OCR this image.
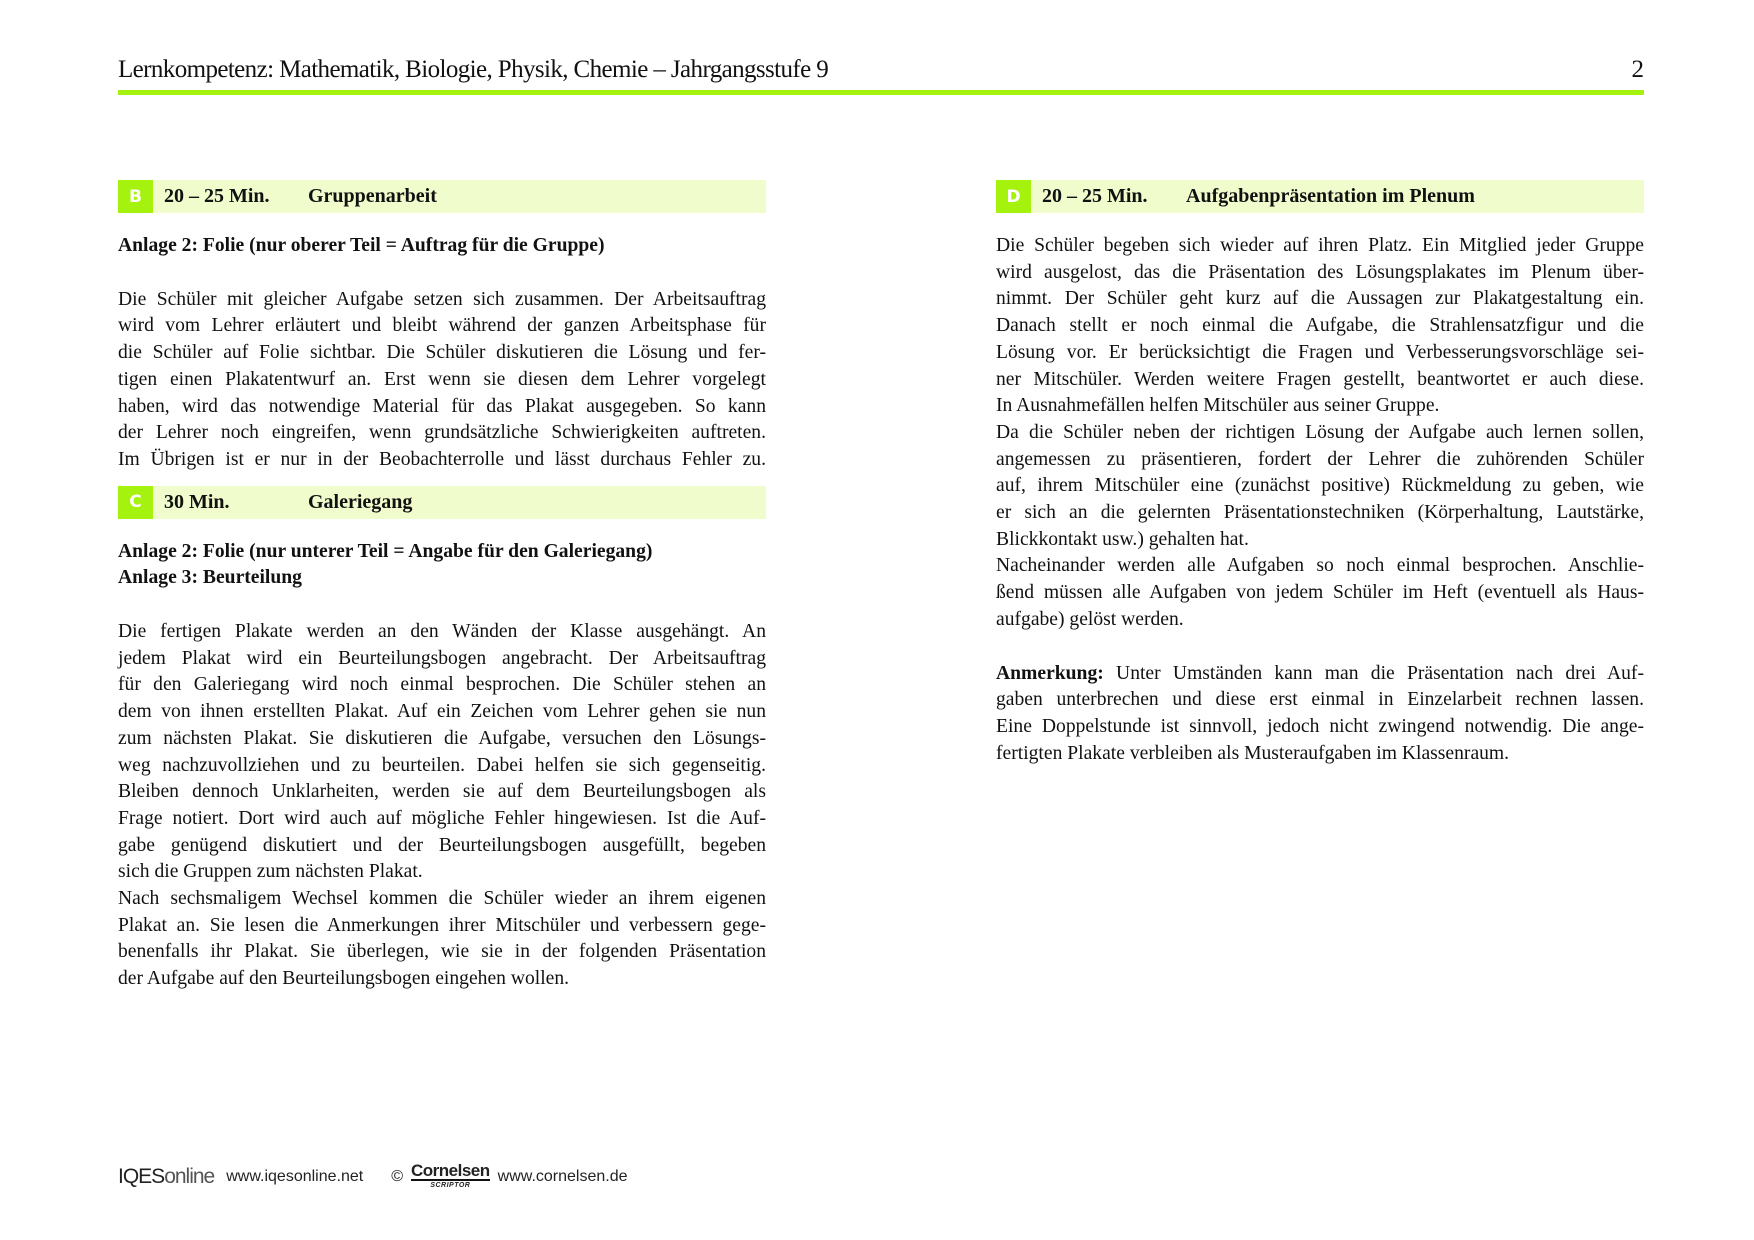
Lernkompetenz: Mathematik, Biologie, Physik, Chemie – Jahrgangsstufe 9	2
B	20 – 25 Min. Gruppenarbeit
Anlage 2: Folie (nur oberer Teil = Auftrag für die Gruppe)
Die Schüler mit gleicher Aufgabe setzen sich zusammen. Der Arbeitsauftrag
wird vom Lehrer erläutert und bleibt während der ganzen Arbeitsphase für
die Schüler auf Folie sichtbar. Die Schüler diskutieren die Lösung und fer-
tigen einen Plakatentwurf an. Erst wenn sie diesen dem Lehrer vorgelegt
haben, wird das notwendige Material für das Plakat ausgegeben. So kann
der Lehrer noch eingreifen, wenn grundsätzliche Schwierigkeiten auftreten.
Im Übrigen ist er nur in der Beobachterrolle und lässt durchaus Fehler zu.
C	30 Min.	Galeriegang
Anlage 2: Folie (nur unterer Teil = Angabe für den Galeriegang)
Anlage 3: Beurteilung
Die fertigen Plakate werden an den Wänden der Klasse ausgehängt. An
jedem Plakat wird ein Beurteilungsbogen angebracht. Der Arbeitsauftrag
für den Galeriegang wird noch einmal besprochen. Die Schüler stehen an
dem von ihnen erstellten Plakat. Auf ein Zeichen vom Lehrer gehen sie nun
zum nächsten Plakat. Sie diskutieren die Aufgabe, versuchen den Lösungs-
weg nachzuvollziehen und zu beurteilen. Dabei helfen sie sich gegenseitig.
Bleiben dennoch Unklarheiten, werden sie auf dem Beurteilungsbogen als
Frage notiert. Dort wird auch auf mögliche Fehler hingewiesen. Ist die Auf-
gabe genügend diskutiert und der Beurteilungsbogen ausgefüllt, begeben
sich die Gruppen zum nächsten Plakat.
Nach sechsmaligem Wechsel kommen die Schüler wieder an ihrem eigenen
Plakat an. Sie lesen die Anmerkungen ihrer Mitschüler und verbessern gege-
benenfalls ihr Plakat. Sie überlegen, wie sie in der folgenden Präsentation
der Aufgabe auf den Beurteilungsbogen eingehen wollen.
D	20 – 25 Min. Aufgabenpräsentation im Plenum
Die Schüler begeben sich wieder auf ihren Platz. Ein Mitglied jeder Gruppe
wird ausgelost, das die Präsentation des Lösungsplakates im Plenum über-
nimmt. Der Schüler geht kurz auf die Aussagen zur Plakatgestaltung ein.
Danach stellt er noch einmal die Aufgabe, die Strahlensatzfigur und die
Lösung vor. Er berücksichtigt die Fragen und Verbesserungsvorschläge sei-
ner Mitschüler. Werden weitere Fragen gestellt, beantwortet er auch diese.
In Ausnahmefällen helfen Mitschüler aus seiner Gruppe.
Da die Schüler neben der richtigen Lösung der Aufgabe auch lernen sollen,
angemessen zu präsentieren, fordert der Lehrer die zuhörenden Schüler
auf, ihrem Mitschüler eine (zunächst positive) Rückmeldung zu geben, wie
er sich an die gelernten Präsentationstechniken (Körperhaltung, Lautstärke,
Blickkontakt usw.) gehalten hat.
Nacheinander werden alle Aufgaben so noch einmal besprochen. Anschlie-
ßend müssen alle Aufgaben von jedem Schüler im Heft (eventuell als Haus-
aufgabe) gelöst werden.
Anmerkung: Unter Umständen kann man die Präsentation nach drei Auf-
gaben unterbrechen und diese erst einmal in Einzelarbeit rechnen lassen.
Eine Doppelstunde ist sinnvoll, jedoch nicht zwingend notwendig. Die ange-
fertigten Plakate verbleiben als Musteraufgaben im Klassenraum.
IQESonline www.iqesonline.net © Cornelsen
SCRIPTOR www.cornelsen.de
